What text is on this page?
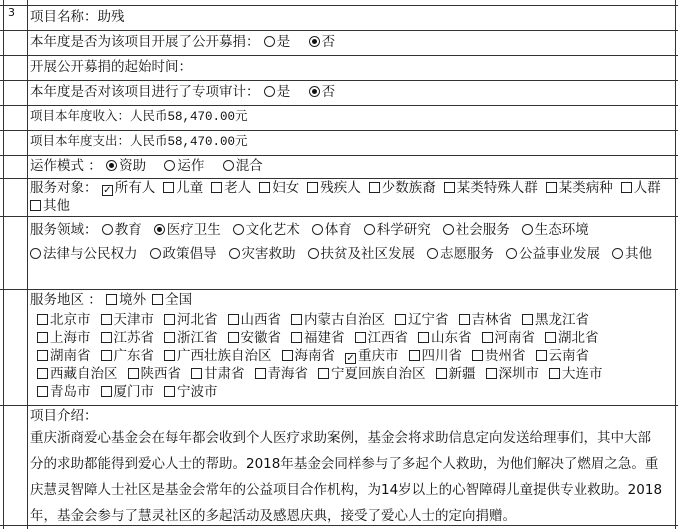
3 项目名称：助残
本年度是否为该项目开展了公开募捐： 是 否
开展公开募捐的起始时间：
本年度是否对该项目进行了专项审计： 是 否
项目本年度收入：人民币58,470.00元
项目本年度支出：人民币58,470.00元
运作模式 ： 资助 运作 混合
服务对象： ✓ 所有人 儿童 老人 妇女 残疾人 少数族裔 某类特殊人群 某类病种 人群其他
服务领域： 教育 医疗卫生 文化艺术 体育 科学研究 社会服务 生态环境法律与公民权力 政策倡导 灾害救助 扶贫及社区发展 志愿服务 公益事业发展 其他
服务地区 ： 境外 全国
北京市 天津市 河北省 山西省 内蒙古自治区 辽宁省 吉林省 黑龙江省
上海市 江苏省 浙江省 安徽省 福建省 江西省 山东省 河南省 湖北省
湖南省 广东省 广西壮族自治区 海南省 ✓ 重庆市 四川省 贵州省 云南省
西藏自治区 陕西省 甘肃省 青海省 宁夏回族自治区 新疆 深圳市 大连市
青岛市 厦门市 宁波市
项目介绍：
重庆浙商爱心基金会在每年都会收到个人医疗求助案例，基金会将求助信息定向发送给理事们，其中大部
分的求助都能得到爱心人士的帮助。2018年基金会同样参与了多起个人救助，为他们解决了燃眉之急。重
庆慧灵智障人士社区是基金会常年的公益项目合作机构，为14岁以上的心智障碍儿童提供专业救助。2018
年，基金会参与了慧灵社区的多起活动及感恩庆典，接受了爱心人士的定向捐赠。
